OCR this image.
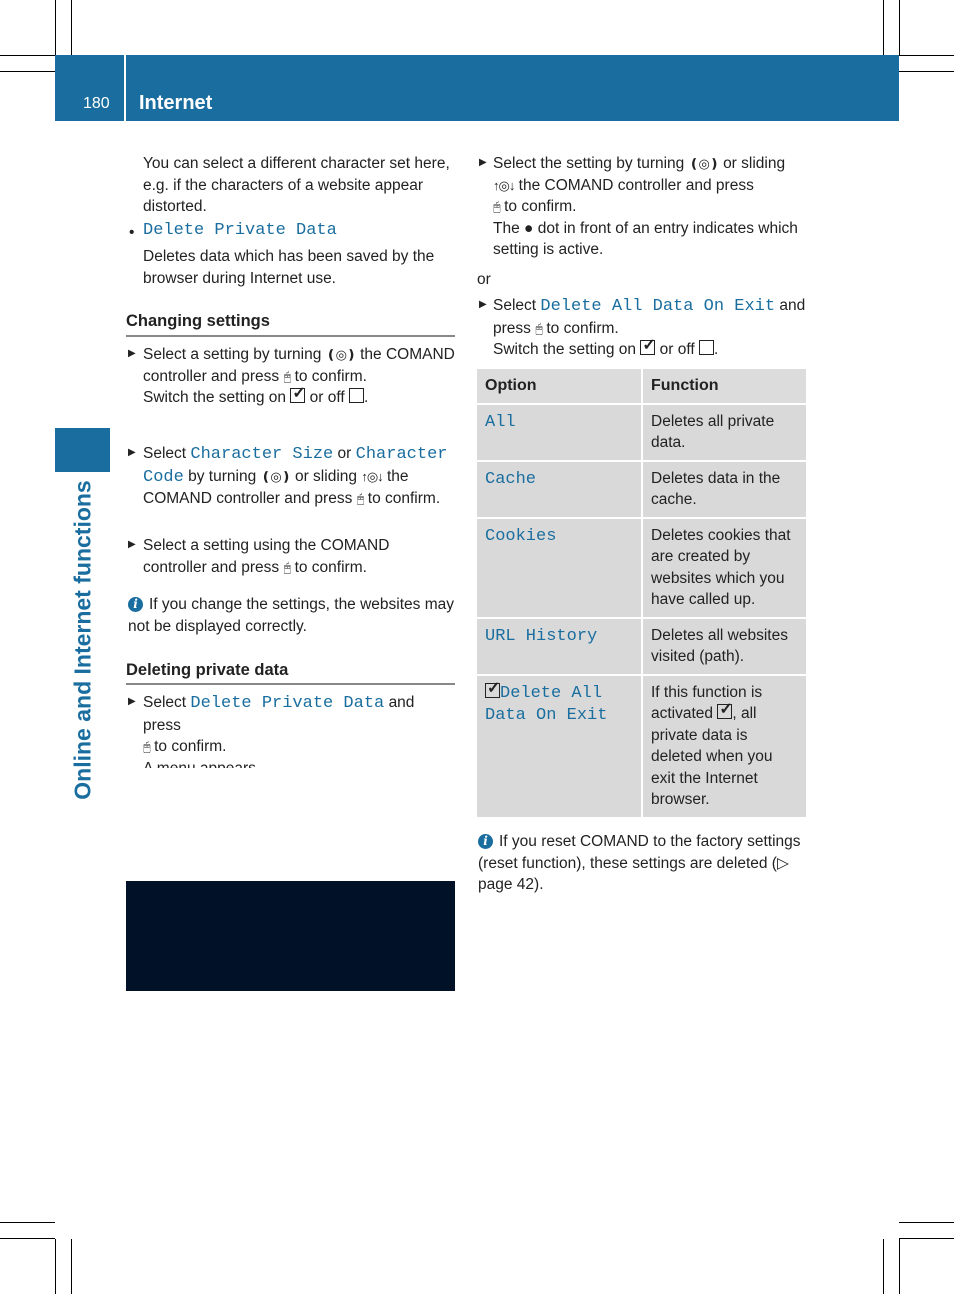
180 Internet
Online and Internet functions
You can select a different character set here, e.g. if the characters of a website appear distorted.
• Delete Private Data
Deletes data which has been saved by the browser during Internet use.
Changing settings
▶ Select a setting by turning ❪◎❫ the COMAND controller and press 🖰 to confirm.
Switch the setting on ✓ or off .
▶ Select Character Size or Character Code by turning ❪◎❫ or sliding ↑◎↓ the COMAND controller and press 🖰 to confirm.
▶ Select a setting using the COMAND controller and press 🖰 to confirm.
i If you change the settings, the websites may not be displayed correctly.
Deleting private data
▶ Select Delete Private Data and press
🖰 to confirm.

▶ Select the setting by turning ❪◎❫ or sliding
↑◎↓ the COMAND controller and press
🖰 to confirm.
The ● dot in front of an entry indicates which setting is active.
or
▶ Select Delete All Data On Exit and
press 🖰 to confirm.
Switch the setting on ✓ or off .
Option	Function
All	Deletes all private data.
Cache	Deletes data in the cache.
Cookies	Deletes cookies that are created by websites which you have called up.
URL History	Deletes all websites visited (path).
✓Delete All
Data On Exit	If this function is activated ✓ , all private data is deleted when you exit the Internet browser.
i If you reset COMAND to the factory settings (reset function), these settings are deleted (▷ page 42).
